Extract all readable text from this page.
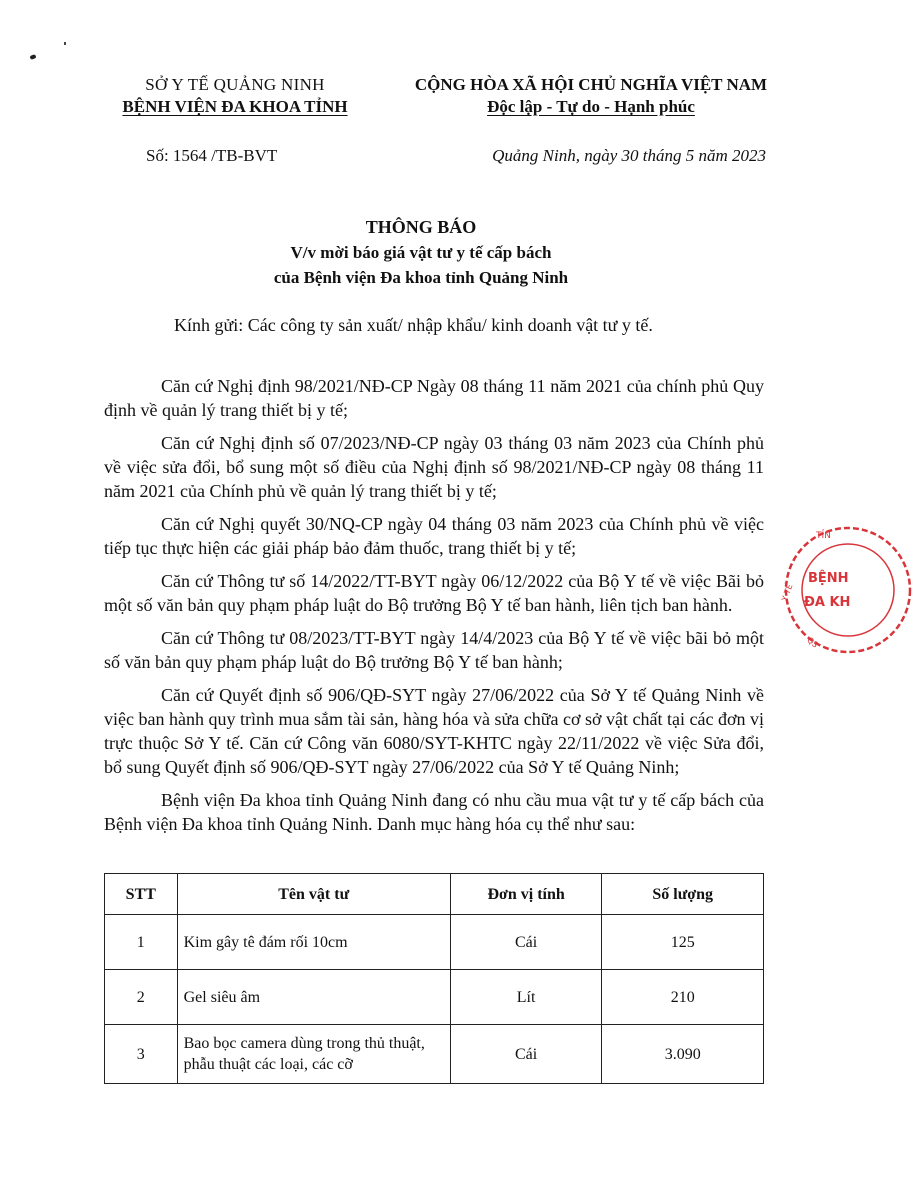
SỞ Y TẾ QUẢNG NINH
BỆNH VIỆN ĐA KHOA TỈNH
CỘNG HÒA XÃ HỘI CHỦ NGHĨA VIỆT NAM
Độc lập - Tự do - Hạnh phúc
Số: 1564 /TB-BVT	Quảng Ninh, ngày 30 tháng 5 năm 2023
THÔNG BÁO
V/v mời báo giá vật tư y tế cấp bách
của Bệnh viện Đa khoa tỉnh Quảng Ninh
Kính gửi: Các công ty sản xuất/ nhập khẩu/ kinh doanh vật tư y tế.

Căn cứ Nghị định 98/2021/NĐ-CP Ngày 08 tháng 11 năm 2021 của chính phủ Quy định về quản lý trang thiết bị y tế;

Căn cứ Nghị định số 07/2023/NĐ-CP ngày 03 tháng 03 năm 2023 của Chính phủ về việc sửa đổi, bổ sung một số điều của Nghị định số 98/2021/NĐ-CP ngày 08 tháng 11 năm 2021 của Chính phủ về quản lý trang thiết bị y tế;

Căn cứ Nghị quyết 30/NQ-CP ngày 04 tháng 03 năm 2023 của Chính phủ về việc tiếp tục thực hiện các giải pháp bảo đảm thuốc, trang thiết bị y tế;

Căn cứ Thông tư số 14/2022/TT-BYT ngày 06/12/2022 của Bộ Y tế về việc Bãi bỏ một số văn bản quy phạm pháp luật do Bộ trưởng Bộ Y tế ban hành, liên tịch ban hành.

Căn cứ Thông tư 08/2023/TT-BYT ngày 14/4/2023 của Bộ Y tế về việc bãi bỏ một số văn bản quy phạm pháp luật do Bộ trưởng Bộ Y tế ban hành;

Căn cứ Quyết định số 906/QĐ-SYT ngày 27/06/2022 của Sở Y tế Quảng Ninh về việc ban hành quy trình mua sắm tài sản, hàng hóa và sửa chữa cơ sở vật chất tại các đơn vị trực thuộc Sở Y tế. Căn cứ Công văn 6080/SYT-KHTC ngày 22/11/2022 về việc Sửa đổi, bổ sung Quyết định số 906/QĐ-SYT ngày 27/06/2022 của Sở Y tế Quảng Ninh;

Bệnh viện Đa khoa tỉnh Quảng Ninh đang có nhu cầu mua vật tư y tế cấp bách của Bệnh viện Đa khoa tỉnh Quảng Ninh. Danh mục hàng hóa cụ thể như sau:

STT	Tên vật tư	Đơn vị tính	Số lượng
1	Kim gây tê đám rối 10cm	Cái	125
2	Gel siêu âm	Lít	210
3	Bao bọc camera dùng trong thủ thuật, phẫu thuật các loại, các cỡ	Cái	3.090
BỆNH
ĐA KH
TỈN
Y TẾ
QS
